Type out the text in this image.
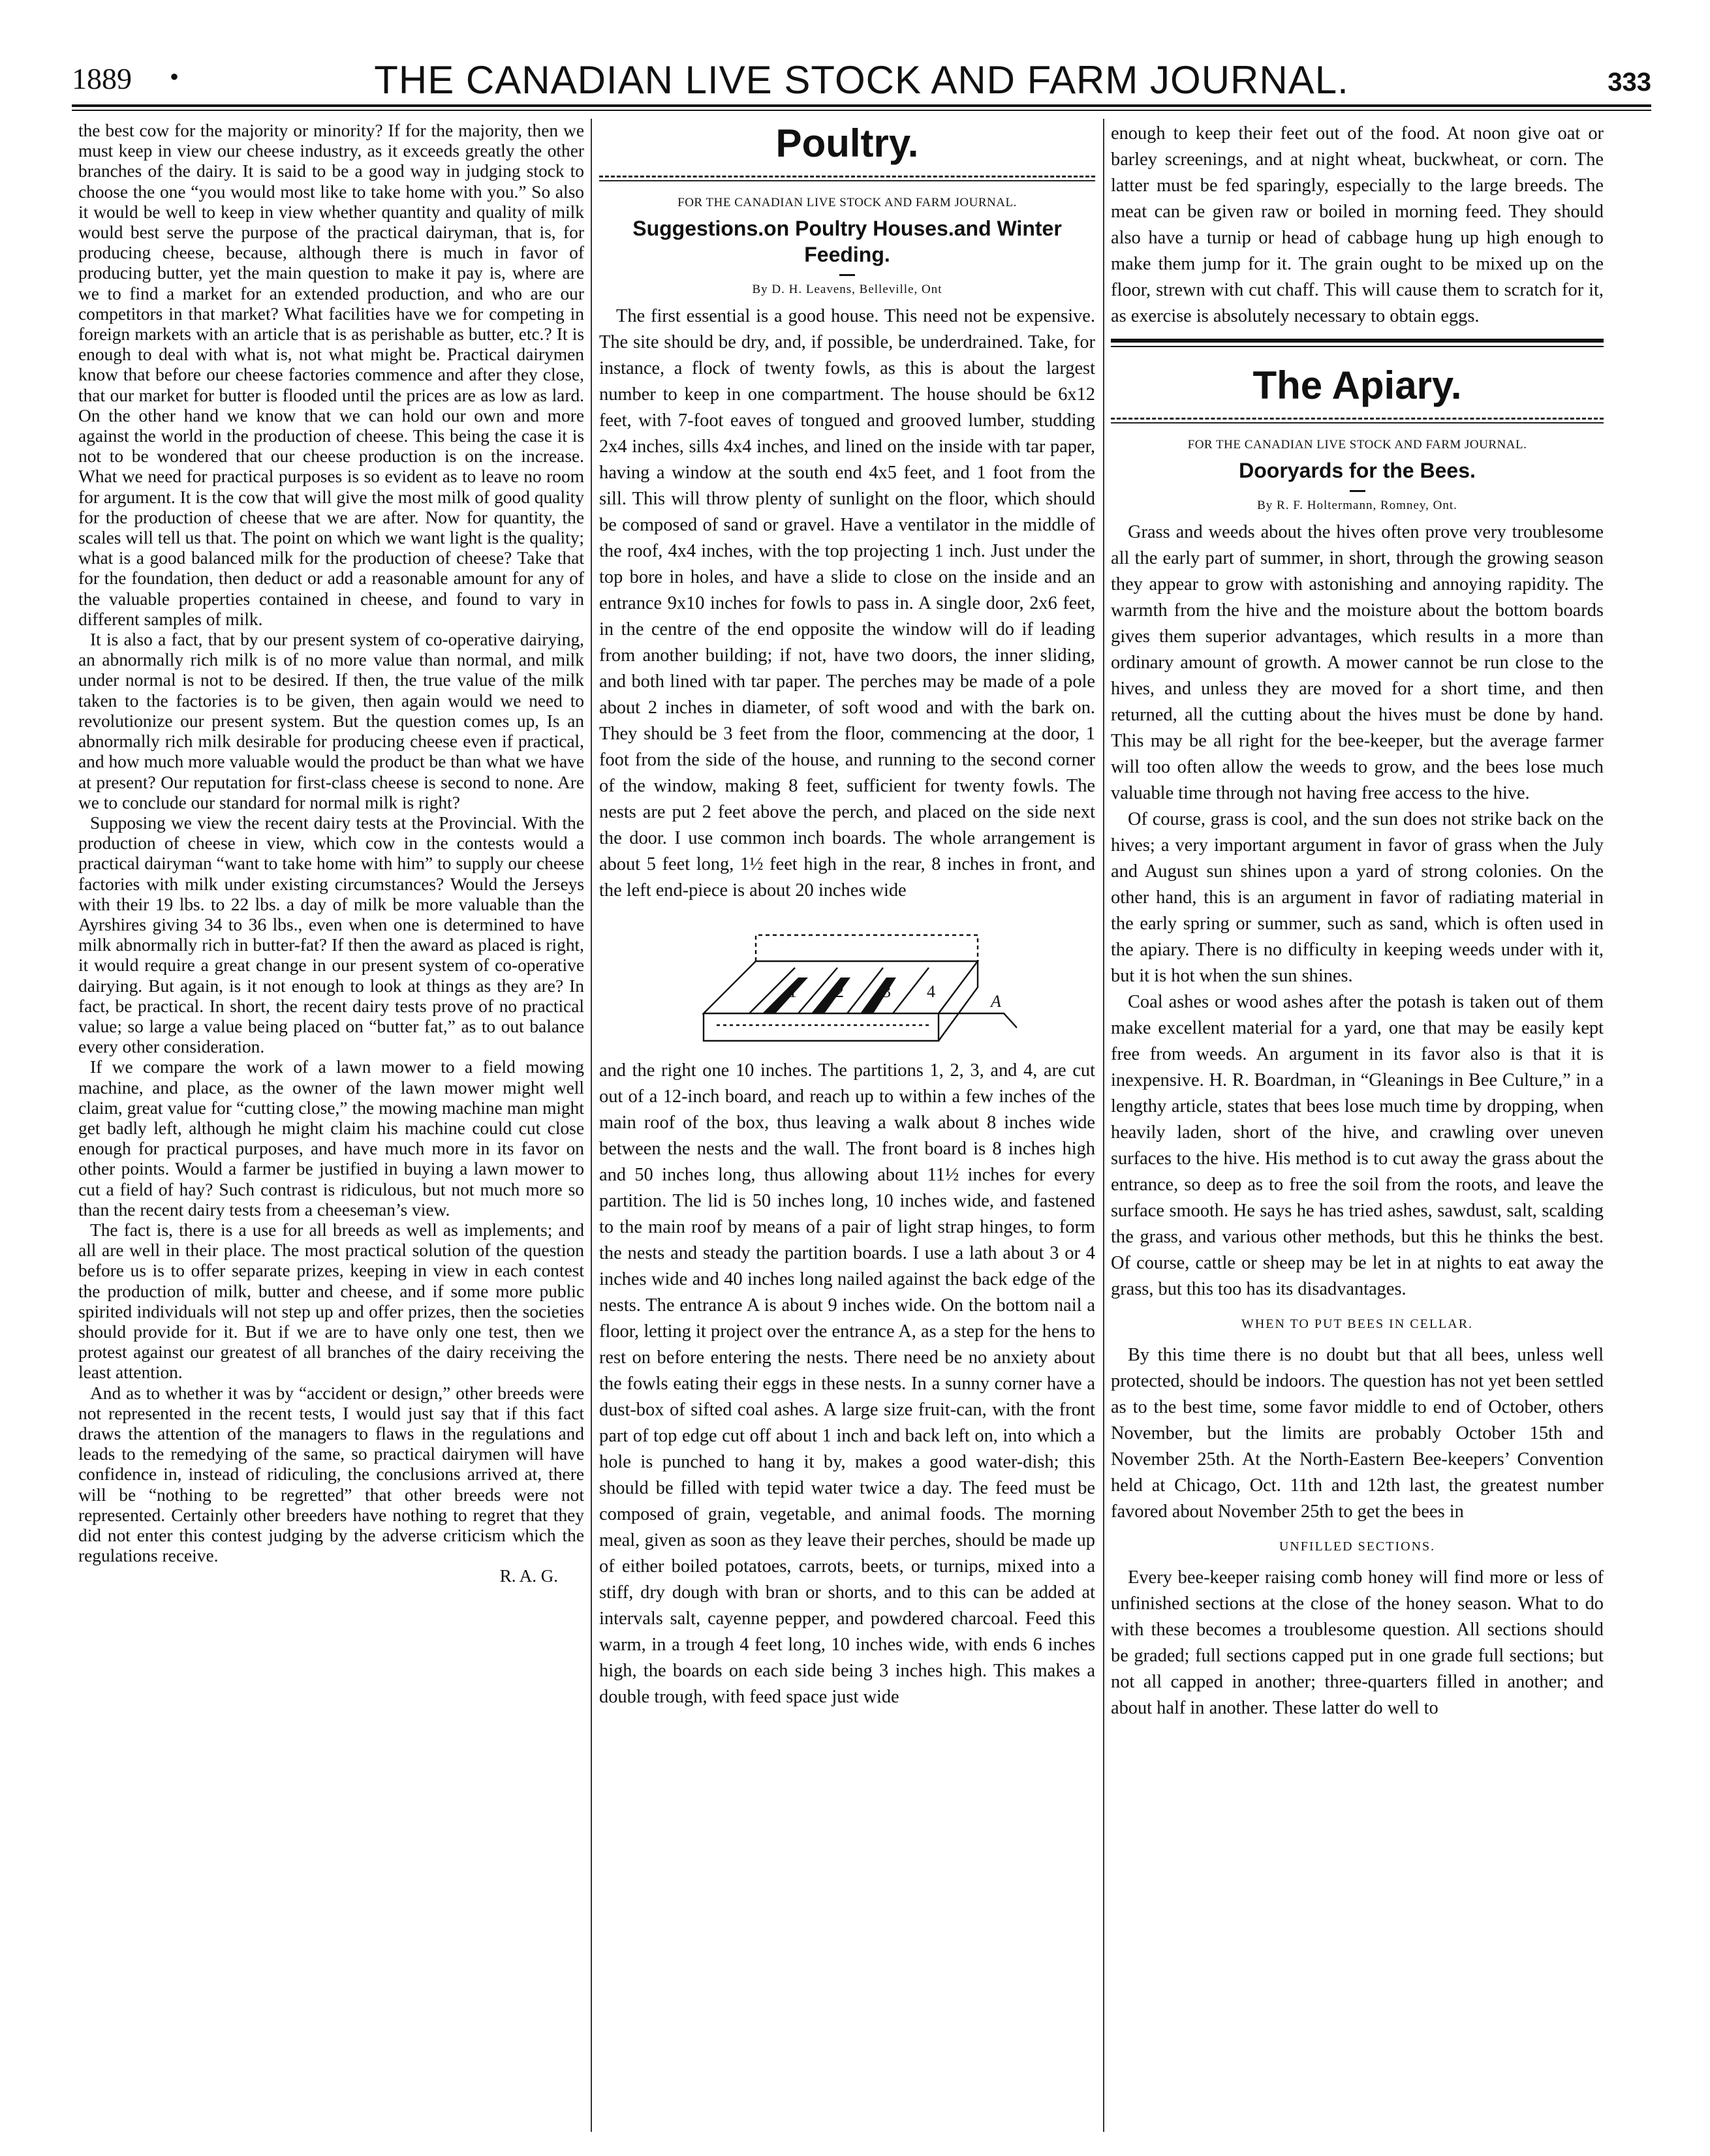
1889 •	THE CANADIAN LIVE STOCK AND FARM JOURNAL.	333

the best cow for the majority or minority? If for the majority, then we must keep in view our cheese industry, as it exceeds greatly the other branches of the dairy. It is said to be a good way in judging stock to choose the one “you would most like to take home with you.” So also it would be well to keep in view whether quantity and quality of milk would best serve the purpose of the practical dairyman, that is, for producing cheese, because, although there is much in favor of producing butter, yet the main question to make it pay is, where are we to find a market for an extended production, and who are our competitors in that market? What facilities have we for competing in foreign markets with an article that is as perishable as butter, etc.? It is enough to deal with what is, not what might be. Practical dairymen know that before our cheese factories commence and after they close, that our market for butter is flooded until the prices are as low as lard. On the other hand we know that we can hold our own and more against the world in the production of cheese. This being the case it is not to be wondered that our cheese production is on the increase. What we need for practical purposes is so evident as to leave no room for argument. It is the cow that will give the most milk of good quality for the production of cheese that we are after. Now for quantity, the scales will tell us that. The point on which we want light is the quality; what is a good balanced milk for the production of cheese? Take that for the foundation, then deduct or add a reasonable amount for any of the valuable properties contained in cheese, and found to vary in different samples of milk.

It is also a fact, that by our present system of co-operative dairying, an abnormally rich milk is of no more value than normal, and milk under normal is not to be desired. If then, the true value of the milk taken to the factories is to be given, then again would we need to revolutionize our present system. But the question comes up, Is an abnormally rich milk desirable for producing cheese even if practical, and how much more valuable would the product be than what we have at present? Our reputation for first-class cheese is second to none. Are we to conclude our standard for normal milk is right?

Supposing we view the recent dairy tests at the Provincial. With the production of cheese in view, which cow in the contests would a practical dairyman “want to take home with him” to supply our cheese factories with milk under existing circumstances? Would the Jerseys with their 19 lbs. to 22 lbs. a day of milk be more valuable than the Ayrshires giving 34 to 36 lbs., even when one is determined to have milk abnormally rich in butter-fat? If then the award as placed is right, it would require a great change in our present system of co-operative dairying. But again, is it not enough to look at things as they are? In fact, be practical. In short, the recent dairy tests prove of no practical value; so large a value being placed on “butter fat,” as to out balance every other consideration.

If we compare the work of a lawn mower to a field mowing machine, and place, as the owner of the lawn mower might well claim, great value for “cutting close,” the mowing machine man might get badly left, although he might claim his machine could cut close enough for practical purposes, and have much more in its favor on other points. Would a farmer be justified in buying a lawn mower to cut a field of hay? Such contrast is ridiculous, but not much more so than the recent dairy tests from a cheeseman’s view.

The fact is, there is a use for all breeds as well as implements; and all are well in their place. The most practical solution of the question before us is to offer separate prizes, keeping in view in each contest the production of milk, butter and cheese, and if some more public spirited individuals will not step up and offer prizes, then the societies should provide for it. But if we are to have only one test, then we protest against our greatest of all branches of the dairy receiving the least attention.

And as to whether it was by “accident or design,” other breeds were not represented in the recent tests, I would just say that if this fact draws the attention of the managers to flaws in the regulations and leads to the remedying of the same, so practical dairymen will have confidence in, instead of ridiculing, the conclusions arrived at, there will be “nothing to be regretted” that other breeds were not represented. Certainly other breeders have nothing to regret that they did not enter this contest judging by the adverse criticism which the regulations receive.

R. A. G.
Poultry.
FOR THE CANADIAN LIVE STOCK AND FARM JOURNAL.
Suggestions.on Poultry Houses.and Winter Feeding.
By D. H. Leavens, Belleville, Ont

The first essential is a good house. This need not be expensive. The site should be dry, and, if possible, be underdrained. Take, for instance, a flock of twenty fowls, as this is about the largest number to keep in one compartment. The house should be 6x12 feet, with 7-foot eaves of tongued and grooved lumber, studding 2x4 inches, sills 4x4 inches, and lined on the inside with tar paper, having a window at the south end 4x5 feet, and 1 foot from the sill. This will throw plenty of sunlight on the floor, which should be composed of sand or gravel. Have a ventilator in the middle of the roof, 4x4 inches, with the top projecting 1 inch. Just under the top bore in holes, and have a slide to close on the inside and an entrance 9x10 inches for fowls to pass in. A single door, 2x6 feet, in the centre of the end opposite the window will do if leading from another building; if not, have two doors, the inner sliding, and both lined with tar paper. The perches may be made of a pole about 2 inches in diameter, of soft wood and with the bark on. They should be 3 feet from the floor, commencing at the door, 1 foot from the side of the house, and running to the second corner of the window, making 8 feet, sufficient for twenty fowls. The nests are put 2 feet above the perch, and placed on the side next the door. I use common inch boards. The whole arrangement is about 5 feet long, 1½ feet high in the rear, 8 inches in front, and the left end-piece is about 20 inches wide

1 2 3 4
A

and the right one 10 inches. The partitions 1, 2, 3, and 4, are cut out of a 12-inch board, and reach up to within a few inches of the main roof of the box, thus leaving a walk about 8 inches wide between the nests and the wall. The front board is 8 inches high and 50 inches long, thus allowing about 11½ inches for every partition. The lid is 50 inches long, 10 inches wide, and fastened to the main roof by means of a pair of light strap hinges, to form the nests and steady the partition boards. I use a lath about 3 or 4 inches wide and 40 inches long nailed against the back edge of the nests. The entrance A is about 9 inches wide. On the bottom nail a floor, letting it project over the entrance A, as a step for the hens to rest on before entering the nests. There need be no anxiety about the fowls eating their eggs in these nests. In a sunny corner have a dust-box of sifted coal ashes. A large size fruit-can, with the front part of top edge cut off about 1 inch and back left on, into which a hole is punched to hang it by, makes a good water-dish; this should be filled with tepid water twice a day. The feed must be composed of grain, vegetable, and animal foods. The morning meal, given as soon as they leave their perches, should be made up of either boiled potatoes, carrots, beets, or turnips, mixed into a stiff, dry dough with bran or shorts, and to this can be added at intervals salt, cayenne pepper, and powdered charcoal. Feed this warm, in a trough 4 feet long, 10 inches wide, with ends 6 inches high, the boards on each side being 3 inches high. This makes a double trough, with feed space just wide

enough to keep their feet out of the food. At noon give oat or barley screenings, and at night wheat, buckwheat, or corn. The latter must be fed sparingly, especially to the large breeds. The meat can be given raw or boiled in morning feed. They should also have a turnip or head of cabbage hung up high enough to make them jump for it. The grain ought to be mixed up on the floor, strewn with cut chaff. This will cause them to scratch for it, as exercise is absolutely necessary to obtain eggs.

The Apiary.
FOR THE CANADIAN LIVE STOCK AND FARM JOURNAL.
Dooryards for the Bees.
By R. F. Holtermann, Romney, Ont.

Grass and weeds about the hives often prove very troublesome all the early part of summer, in short, through the growing season they appear to grow with astonishing and annoying rapidity. The warmth from the hive and the moisture about the bottom boards gives them superior advantages, which results in a more than ordinary amount of growth. A mower cannot be run close to the hives, and unless they are moved for a short time, and then returned, all the cutting about the hives must be done by hand. This may be all right for the bee-keeper, but the average farmer will too often allow the weeds to grow, and the bees lose much valuable time through not having free access to the hive.

Of course, grass is cool, and the sun does not strike back on the hives; a very important argument in favor of grass when the July and August sun shines upon a yard of strong colonies. On the other hand, this is an argument in favor of radiating material in the early spring or summer, such as sand, which is often used in the apiary. There is no difficulty in keeping weeds under with it, but it is hot when the sun shines.

Coal ashes or wood ashes after the potash is taken out of them make excellent material for a yard, one that may be easily kept free from weeds. An argument in its favor also is that it is inexpensive. H. R. Boardman, in “Gleanings in Bee Culture,” in a lengthy article, states that bees lose much time by dropping, when heavily laden, short of the hive, and crawling over uneven surfaces to the hive. His method is to cut away the grass about the entrance, so deep as to free the soil from the roots, and leave the surface smooth. He says he has tried ashes, sawdust, salt, scalding the grass, and various other methods, but this he thinks the best. Of course, cattle or sheep may be let in at nights to eat away the grass, but this too has its disadvantages.

WHEN TO PUT BEES IN CELLAR.

By this time there is no doubt but that all bees, unless well protected, should be indoors. The question has not yet been settled as to the best time, some favor middle to end of October, others November, but the limits are probably October 15th and November 25th. At the North-Eastern Bee-keepers’ Convention held at Chicago, Oct. 11th and 12th last, the greatest number favored about November 25th to get the bees in

UNFILLED SECTIONS.

Every bee-keeper raising comb honey will find more or less of unfinished sections at the close of the honey season. What to do with these becomes a troublesome question. All sections should be graded; full sections capped put in one grade full sections; but not all capped in another; three-quarters filled in another; and about half in another. These latter do well to
